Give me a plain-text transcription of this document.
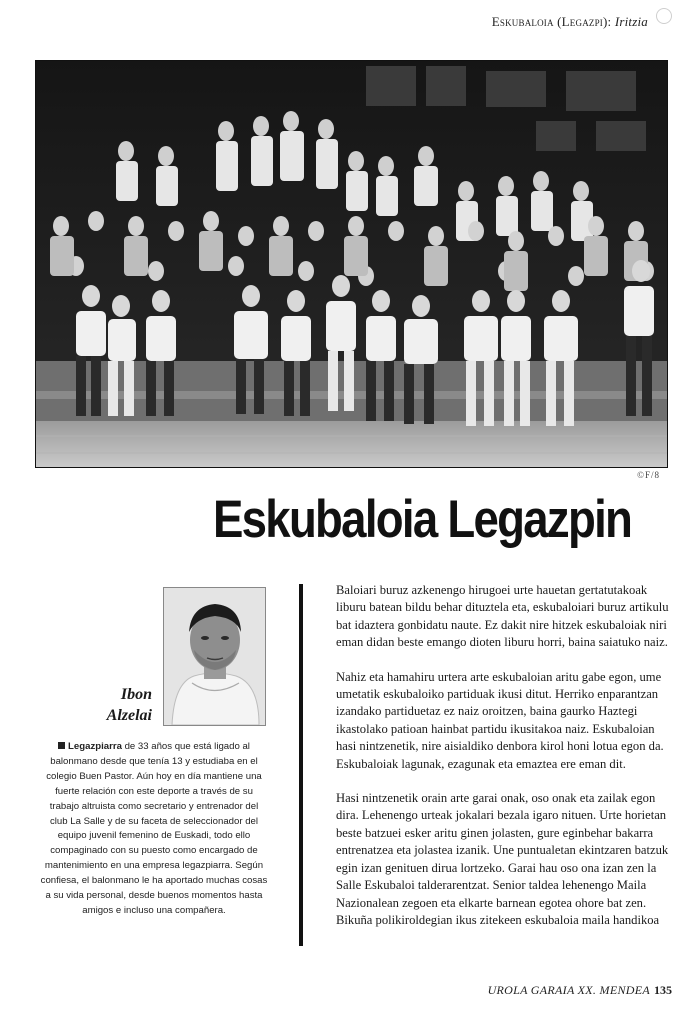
Eskubaloia (Legazpi): Iritzia
©F/8
Eskubaloia Legazpin
Ibon
Alzelai
Legazpiarra de 33 años que está ligado al balonmano desde que tenía 13 y estudiaba en el colegio Buen Pastor. Aún hoy en día mantiene una fuerte relación con este deporte a través de su trabajo altruista como secretario y entrenador del club La Salle y de su faceta de seleccionador del equipo juvenil femenino de Euskadi, todo ello compaginado con su puesto como encargado de mantenimiento en una empresa legazpiarra. Según confiesa, el balonmano le ha aportado muchas cosas a su vida personal, desde buenos momentos hasta amigos e incluso una compañera.

Baloiari buruz azkenengo hirugoei urte hauetan gertatutakoak liburu batean bildu behar dituztela eta, eskubaloiari buruz artikulu bat idaztera gonbidatu naute. Ez dakit nire hitzek eskubaloiak niri eman didan beste emango dioten liburu horri, baina saiatuko naiz.

Nahiz eta hamahiru urtera arte eskubaloian aritu gabe egon, ume umetatik eskubaloiko partiduak ikusi ditut. Herriko enparantzan izandako partiduetaz ez naiz oroitzen, baina gaurko Haztegi ikastolako patioan hainbat partidu ikusitakoa naiz. Eskubaloian hasi nintzenetik, nire aisialdiko denbora kirol honi lotua egon da. Eskubaloiak lagunak, ezagunak eta emaztea ere eman dit.

Hasi nintzenetik orain arte garai onak, oso onak eta zailak egon dira. Lehenengo urteak jokalari bezala igaro nituen. Urte horietan beste batzuei esker aritu ginen jolasten, gure eginbehar bakarra entrenatzea eta jolastea izanik. Une puntualetan ekintzaren batzuk egin izan genituen dirua lortzeko. Garai hau oso ona izan zen la Salle Eskubaloi talderarentzat. Senior taldea lehenengo Maila Nazionalean zegoen eta elkarte barnean egotea ohore bat zen. Bikuña polikiroldegian ikus zitekeen eskubaloia maila handikoa

UROLA GARAIA XX. MENDEA 135
